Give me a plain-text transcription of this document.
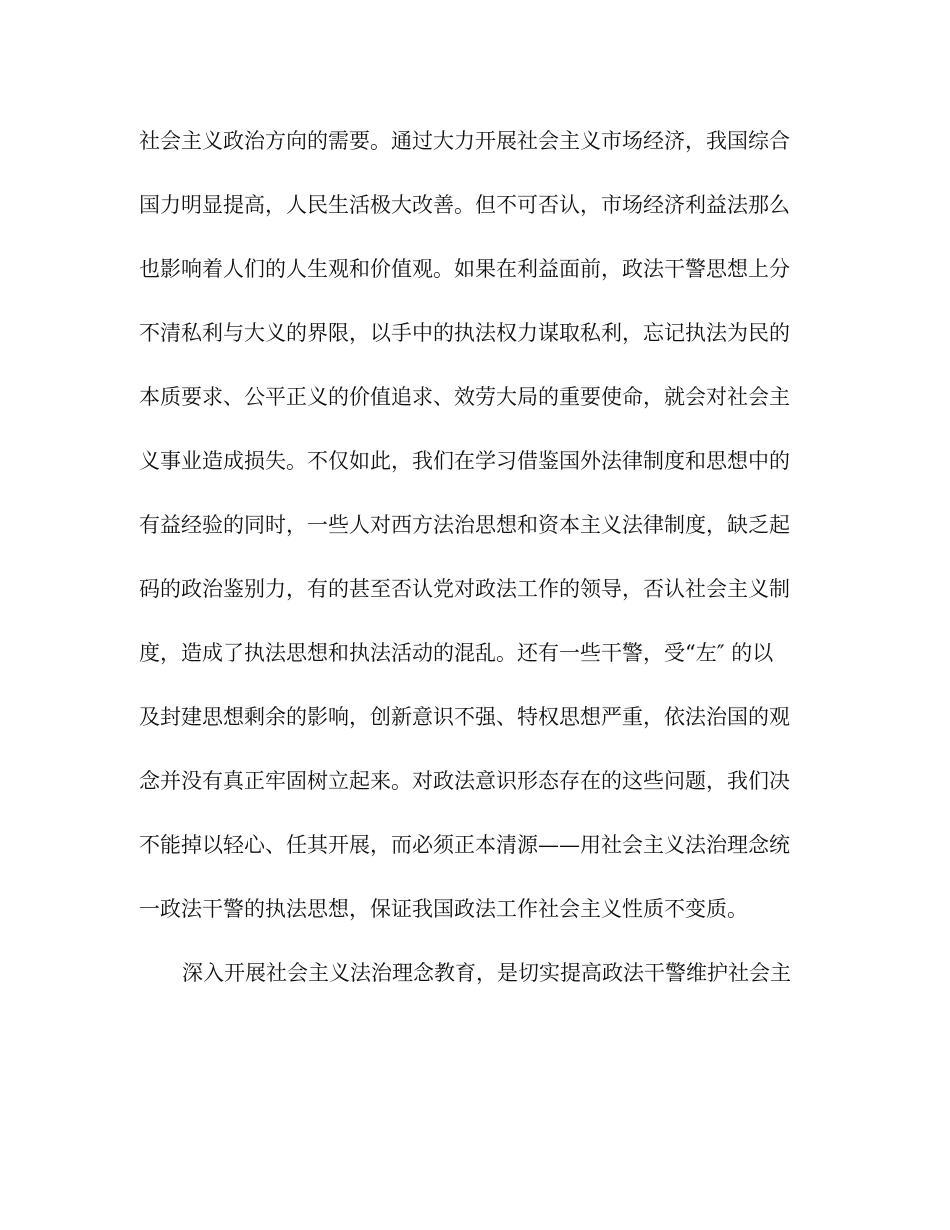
社会主义政治方向的需要。通过大力开展社会主义市场经济，我国综合
国力明显提高，人民生活极大改善。但不可否认，市场经济利益法那么
也影响着人们的人生观和价值观。如果在利益面前，政法干警思想上分
不清私利与大义的界限，以手中的执法权力谋取私利，忘记执法为民的
本质要求、公平正义的价值追求、效劳大局的重要使命，就会对社会主
义事业造成损失。不仅如此，我们在学习借鉴国外法律制度和思想中的
有益经验的同时，一些人对西方法治思想和资本主义法律制度，缺乏起
码的政治鉴别力，有的甚至否认党对政法工作的领导，否认社会主义制
度，造成了执法思想和执法活动的混乱。还有一些干警，受“左″ 的以
及封建思想剩余的影响，创新意识不强、特权思想严重，依法治国的观
念并没有真正牢固树立起来。对政法意识形态存在的这些问题，我们决
不能掉以轻心、任其开展，而必须正本清源——用社会主义法治理念统
一政法干警的执法思想，保证我国政法工作社会主义性质不变质。
深入开展社会主义法治理念教育，是切实提高政法干警维护社会主
